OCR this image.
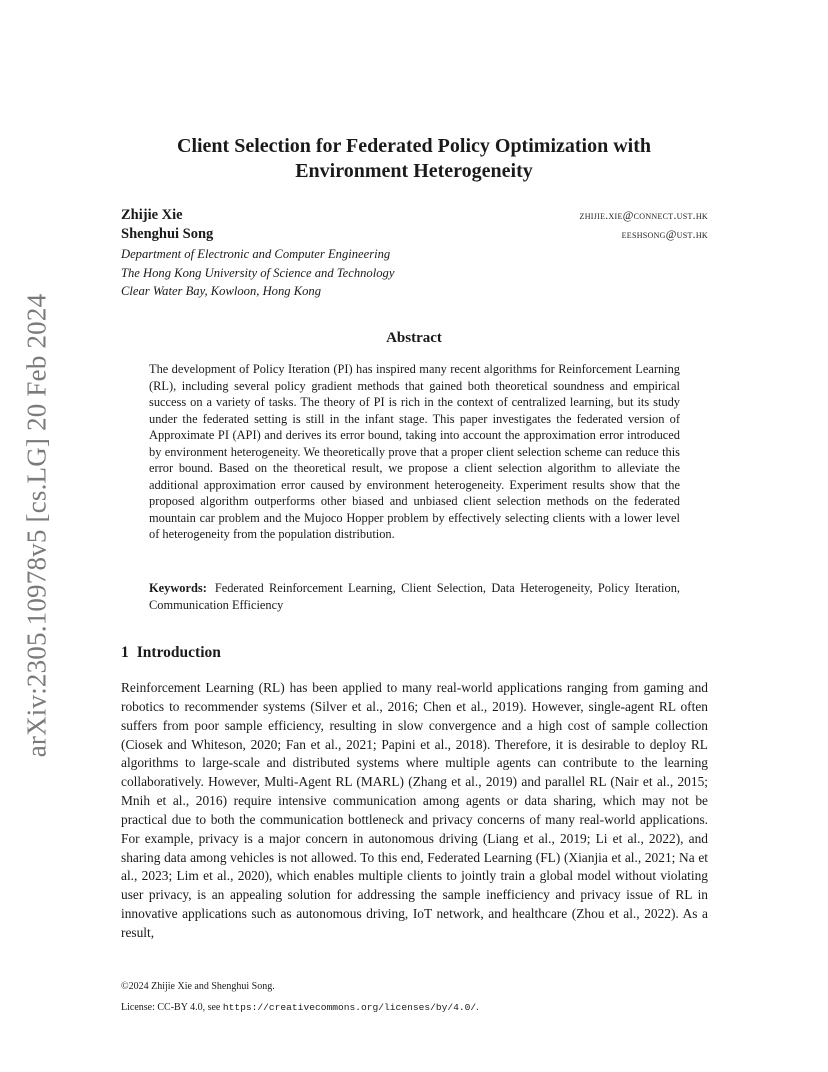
arXiv:2305.10978v5 [cs.LG] 20 Feb 2024
Client Selection for Federated Policy Optimization with Environment Heterogeneity
Zhijie Xie	zhijie.xie@connect.ust.hk
Shenghui Song	eeshsong@ust.hk
Department of Electronic and Computer Engineering
The Hong Kong University of Science and Technology
Clear Water Bay, Kowloon, Hong Kong
Abstract
The development of Policy Iteration (PI) has inspired many recent algorithms for Reinforcement Learning (RL), including several policy gradient methods that gained both theoretical soundness and empirical success on a variety of tasks. The theory of PI is rich in the context of centralized learning, but its study under the federated setting is still in the infant stage. This paper investigates the federated version of Approximate PI (API) and derives its error bound, taking into account the approximation error introduced by environment heterogeneity. We theoretically prove that a proper client selection scheme can reduce this error bound. Based on the theoretical result, we propose a client selection algorithm to alleviate the additional approximation error caused by environment heterogeneity. Experiment results show that the proposed algorithm outperforms other biased and unbiased client selection methods on the federated mountain car problem and the Mujoco Hopper problem by effectively selecting clients with a lower level of heterogeneity from the population distribution.
Keywords: Federated Reinforcement Learning, Client Selection, Data Heterogeneity, Policy Iteration, Communication Efficiency
1 Introduction
Reinforcement Learning (RL) has been applied to many real-world applications ranging from gaming and robotics to recommender systems (Silver et al., 2016; Chen et al., 2019). However, single-agent RL often suffers from poor sample efficiency, resulting in slow convergence and a high cost of sample collection (Ciosek and Whiteson, 2020; Fan et al., 2021; Papini et al., 2018). Therefore, it is desirable to deploy RL algorithms to large-scale and distributed systems where multiple agents can contribute to the learning collaboratively. However, Multi-Agent RL (MARL) (Zhang et al., 2019) and parallel RL (Nair et al., 2015; Mnih et al., 2016) require intensive communication among agents or data sharing, which may not be practical due to both the communication bottleneck and privacy concerns of many real-world applications. For example, privacy is a major concern in autonomous driving (Liang et al., 2019; Li et al., 2022), and sharing data among vehicles is not allowed. To this end, Federated Learning (FL) (Xianjia et al., 2021; Na et al., 2023; Lim et al., 2020), which enables multiple clients to jointly train a global model without violating user privacy, is an appealing solution for addressing the sample inefficiency and privacy issue of RL in innovative applications such as autonomous driving, IoT network, and healthcare (Zhou et al., 2022). As a result,
©2024 Zhijie Xie and Shenghui Song.
License: CC-BY 4.0, see https://creativecommons.org/licenses/by/4.0/.
